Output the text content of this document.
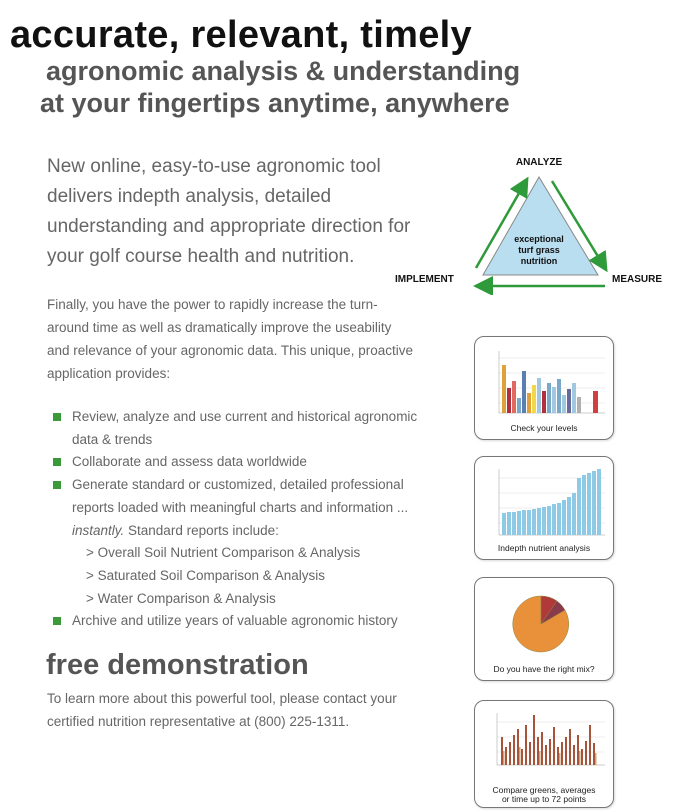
accurate, relevant, timely
agronomic analysis & understanding
at your fingertips anytime, anywhere
New online, easy-to-use agronomic tool delivers indepth analysis, detailed understanding and appropriate direction for your golf course health and nutrition.
Finally, you have the power to rapidly increase the turn-around time as well as dramatically improve the useability and relevance of your agronomic data. This unique, proactive application provides:
Review, analyze and use current and historical agronomic data & trends
Collaborate and assess data worldwide
Generate standard or customized, detailed professional reports loaded with meaningful charts and information ... instantly. Standard reports include:
> Overall Soil Nutrient Comparison & Analysis
> Saturated Soil Comparison & Analysis
> Water Comparison & Analysis
Archive and utilize years of valuable agronomic history
free demonstration
To learn more about this powerful tool, please contact your certified nutrition representative at (800) 225-1311.
ANALYZE
exceptional
turf grass
nutrition
IMPLEMENT	MEASURE
Check your levels
Indepth nutrient analysis
Do you have the right mix?
Compare greens, averages
or time up to 72 points
